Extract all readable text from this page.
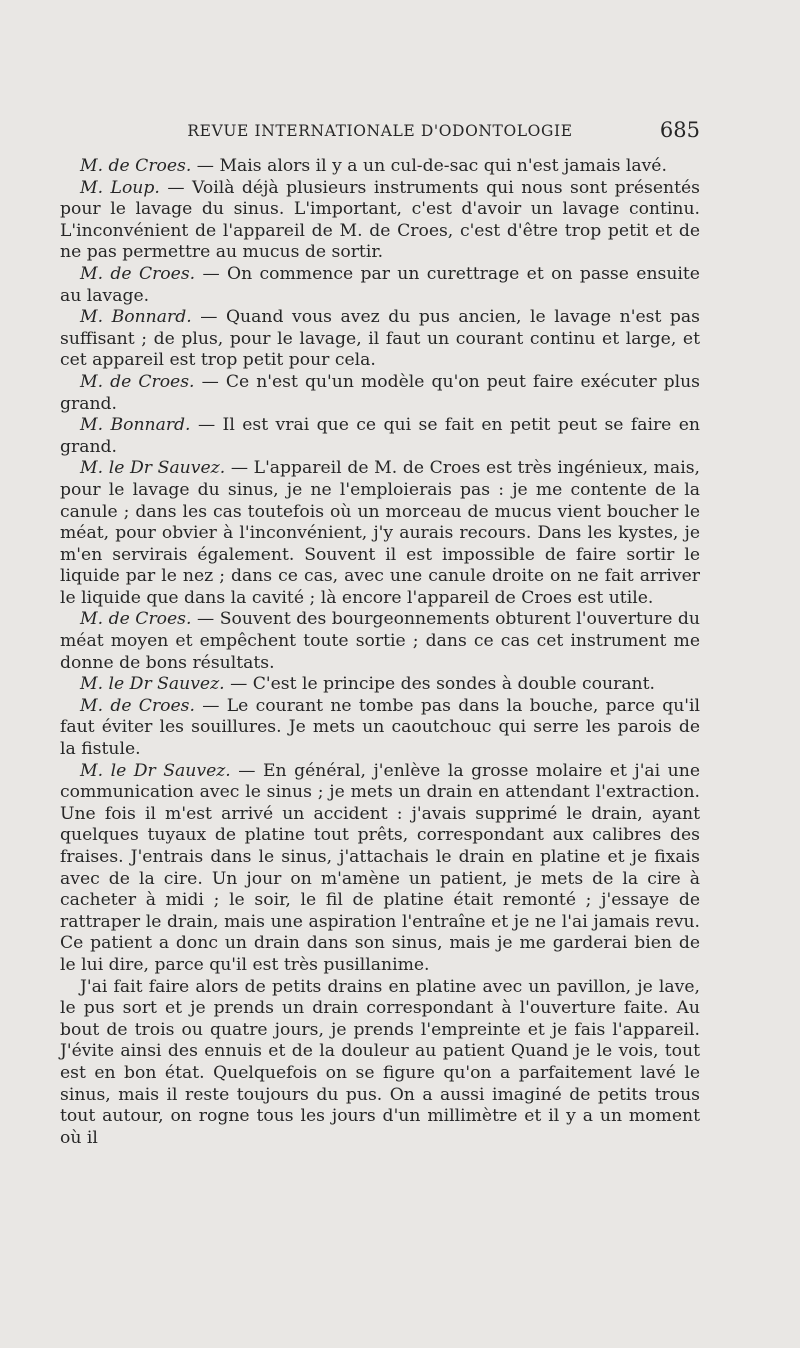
REVUE INTERNATIONALE D'ODONTOLOGIE	685

M. de Croes. — Mais alors il y a un cul-de-sac qui n'est jamais lavé.

M. Loup. — Voilà déjà plusieurs instruments qui nous sont présentés pour le lavage du sinus. L'important, c'est d'avoir un lavage continu. L'inconvénient de l'appareil de M. de Croes, c'est d'être trop petit et de ne pas permettre au mucus de sortir.

M. de Croes. — On commence par un curettrage et on passe ensuite au lavage.

M. Bonnard. — Quand vous avez du pus ancien, le lavage n'est pas suffisant ; de plus, pour le lavage, il faut un courant continu et large, et cet appareil est trop petit pour cela.

M. de Croes. — Ce n'est qu'un modèle qu'on peut faire exécuter plus grand.

M. Bonnard. — Il est vrai que ce qui se fait en petit peut se faire en grand.

M. le Dr Sauvez. — L'appareil de M. de Croes est très ingénieux, mais, pour le lavage du sinus, je ne l'emploierais pas : je me contente de la canule ; dans les cas toutefois où un morceau de mucus vient boucher le méat, pour obvier à l'inconvénient, j'y aurais recours. Dans les kystes, je m'en servirais également. Souvent il est impossible de faire sortir le liquide par le nez ; dans ce cas, avec une canule droite on ne fait arriver le liquide que dans la cavité ; là encore l'appareil de Croes est utile.

M. de Croes. — Souvent des bourgeonnements obturent l'ouverture du méat moyen et empêchent toute sortie ; dans ce cas cet instrument me donne de bons résultats.

M. le Dr Sauvez. — C'est le principe des sondes à double courant.

M. de Croes. — Le courant ne tombe pas dans la bouche, parce qu'il faut éviter les souillures. Je mets un caoutchouc qui serre les parois de la fistule.

M. le Dr Sauvez. — En général, j'enlève la grosse molaire et j'ai une communication avec le sinus ; je mets un drain en attendant l'extraction. Une fois il m'est arrivé un accident : j'avais supprimé le drain, ayant quelques tuyaux de platine tout prêts, correspondant aux calibres des fraises. J'entrais dans le sinus, j'attachais le drain en platine et je fixais avec de la cire. Un jour on m'amène un patient, je mets de la cire à cacheter à midi ; le soir, le fil de platine était remonté ; j'essaye de rattraper le drain, mais une aspiration l'entraîne et je ne l'ai jamais revu. Ce patient a donc un drain dans son sinus, mais je me garderai bien de le lui dire, parce qu'il est très pusillanime.

J'ai fait faire alors de petits drains en platine avec un pavillon, je lave, le pus sort et je prends un drain correspondant à l'ouverture faite. Au bout de trois ou quatre jours, je prends l'empreinte et je fais l'appareil. J'évite ainsi des ennuis et de la douleur au patient Quand je le vois, tout est en bon état. Quelquefois on se figure qu'on a parfaitement lavé le sinus, mais il reste toujours du pus. On a aussi imaginé de petits trous tout autour, on rogne tous les jours d'un millimètre et il y a un moment où il
